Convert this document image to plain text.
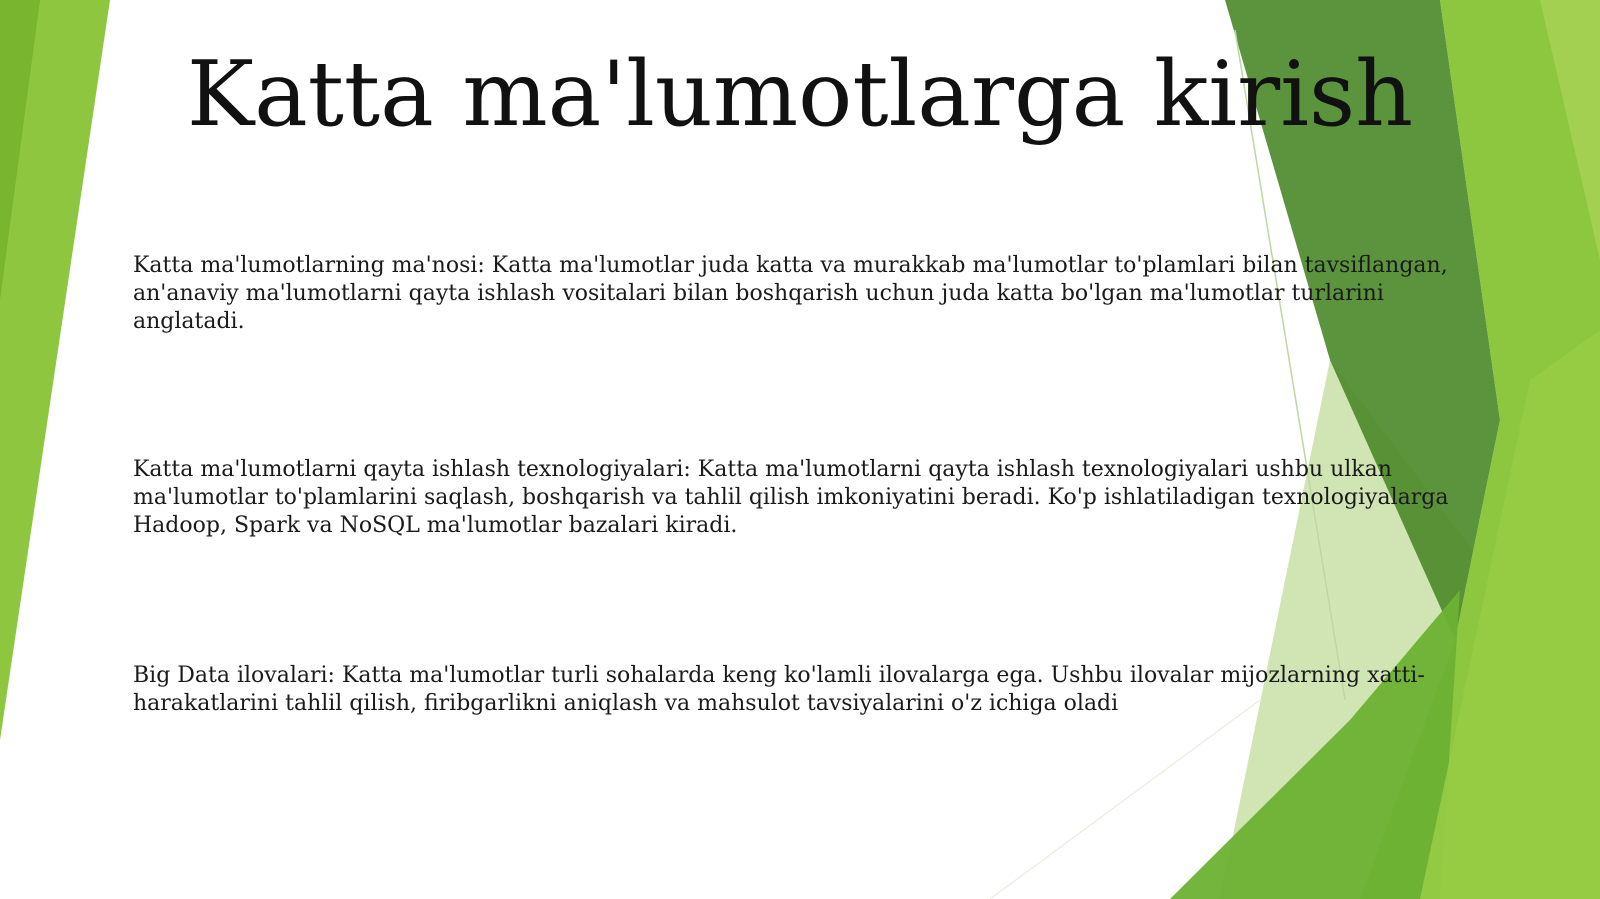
Katta ma'lumotlarga kirish

Katta ma'lumotlarning ma'nosi: Katta ma'lumotlar juda katta va murakkab ma'lumotlar to'plamlari bilan tavsiflangan, an'anaviy ma'lumotlarni qayta ishlash vositalari bilan boshqarish uchun juda katta bo'lgan ma'lumotlar turlarini anglatadi.

Katta ma'lumotlarni qayta ishlash texnologiyalari: Katta ma'lumotlarni qayta ishlash texnologiyalari ushbu ulkan ma'lumotlar to'plamlarini saqlash, boshqarish va tahlil qilish imkoniyatini beradi. Ko'p ishlatiladigan texnologiyalarga Hadoop, Spark va NoSQL ma'lumotlar bazalari kiradi.

Big Data ilovalari: Katta ma'lumotlar turli sohalarda keng ko'lamli ilovalarga ega. Ushbu ilovalar mijozlarning xatti-harakatlarini tahlil qilish, firibgarlikni aniqlash va mahsulot tavsiyalarini o'z ichiga oladi
